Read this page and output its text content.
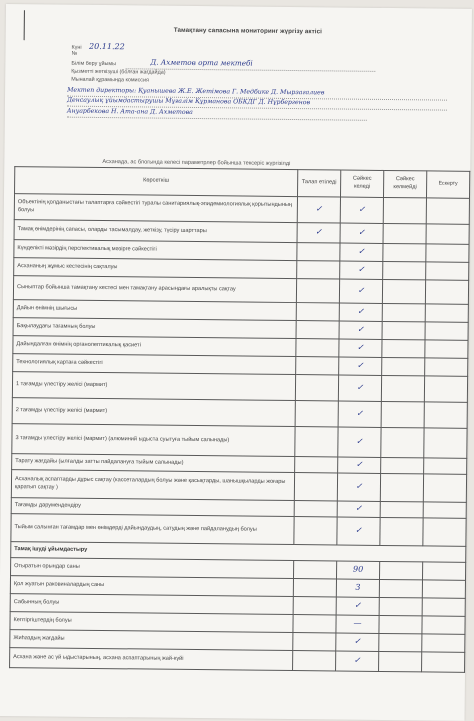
Тамақтану сапасына мониторинг жүргізу актісі
Күні 20.11.22
№
Білім беру ұйымы	Д. Ахметов орта мектебі
Қызметті жеткізуші (болған жағдайда)
Мыналай құрамында комиссия
Мектеп директоры: Қуанышева Ж.Е. Жетімова Г. Медбике Д. Мырзагалиев
Денсаулық ұйымдастырушы Мұғалім Құрманова ОБКДГ Д. Нұрбергенов
Ануарбекова Н. Ата-ана Д. Ахметова
Асханада, ас блогында келесі параметрлер бойынша тексеріс жүргізілді
Көрсеткіш	Талап етіледі	Сәйкес келеді	Сәйкес келмейді	Ескерту
Объектінің қолданыстағы талаптарға сәйкестігі туралы санитариялық-эпидемиологиялық қорытындының болуы	✓	✓		
Тамақ өнімдерінің сапасы, оларды тасымалдау, жеткізу, түсіру шарттары	✓	✓		
Күнделікті мәзірдің перспективалық мәзірге сәйкестігі		✓		
Асхананың жұмыс кестесінің сақталуы		✓		
Сыныптар бойынша тамақтану кестесі мен тамақтану арасындағы аралықты сақтау		✓		
Дайын өнімнің шығысы		✓		
Бақылаудағы тағамның болуы		✓		
Дайындалған өнімнің органолептикалық қасиеті		✓		
Технологиялық картаға сәйкестігі		✓		
1 тағамды үлестіру желісі (мармит)		✓		
2 тағамды үлестіру желісі (мармит)		✓		
3 тағамды үлестіру желісі (мармит) (алюминий ыдыста суытуға тыйым салынады)		✓		
Тарату жағдайы (ылғалды затты пайдалануға тыйым салынады)		✓		
Асханалық аспаптарды дұрыс сақтау (кассеталардың болуы және қасықтарды, шанышқыларды жоғары қаратып сақтау )		✓		
Тағамды дәрумендендіру		✓		
Тыйым салынған тағамдар мен өнімдерді дайындаудың, сатудың және пайдаланудың болуы		✓		
Тамақ ішуді ұйымдастыру				
Отыратын орындар саны		90		
Қол жуатын раковиналардың саны		3		
Сабынның болуы		✓		
Кептіргіштердің болуы		—		
Жиһаздың жағдайы		✓		
Асхана және ас үй ыдыстарының, асхана аспаптарының жай-күйі		✓		
